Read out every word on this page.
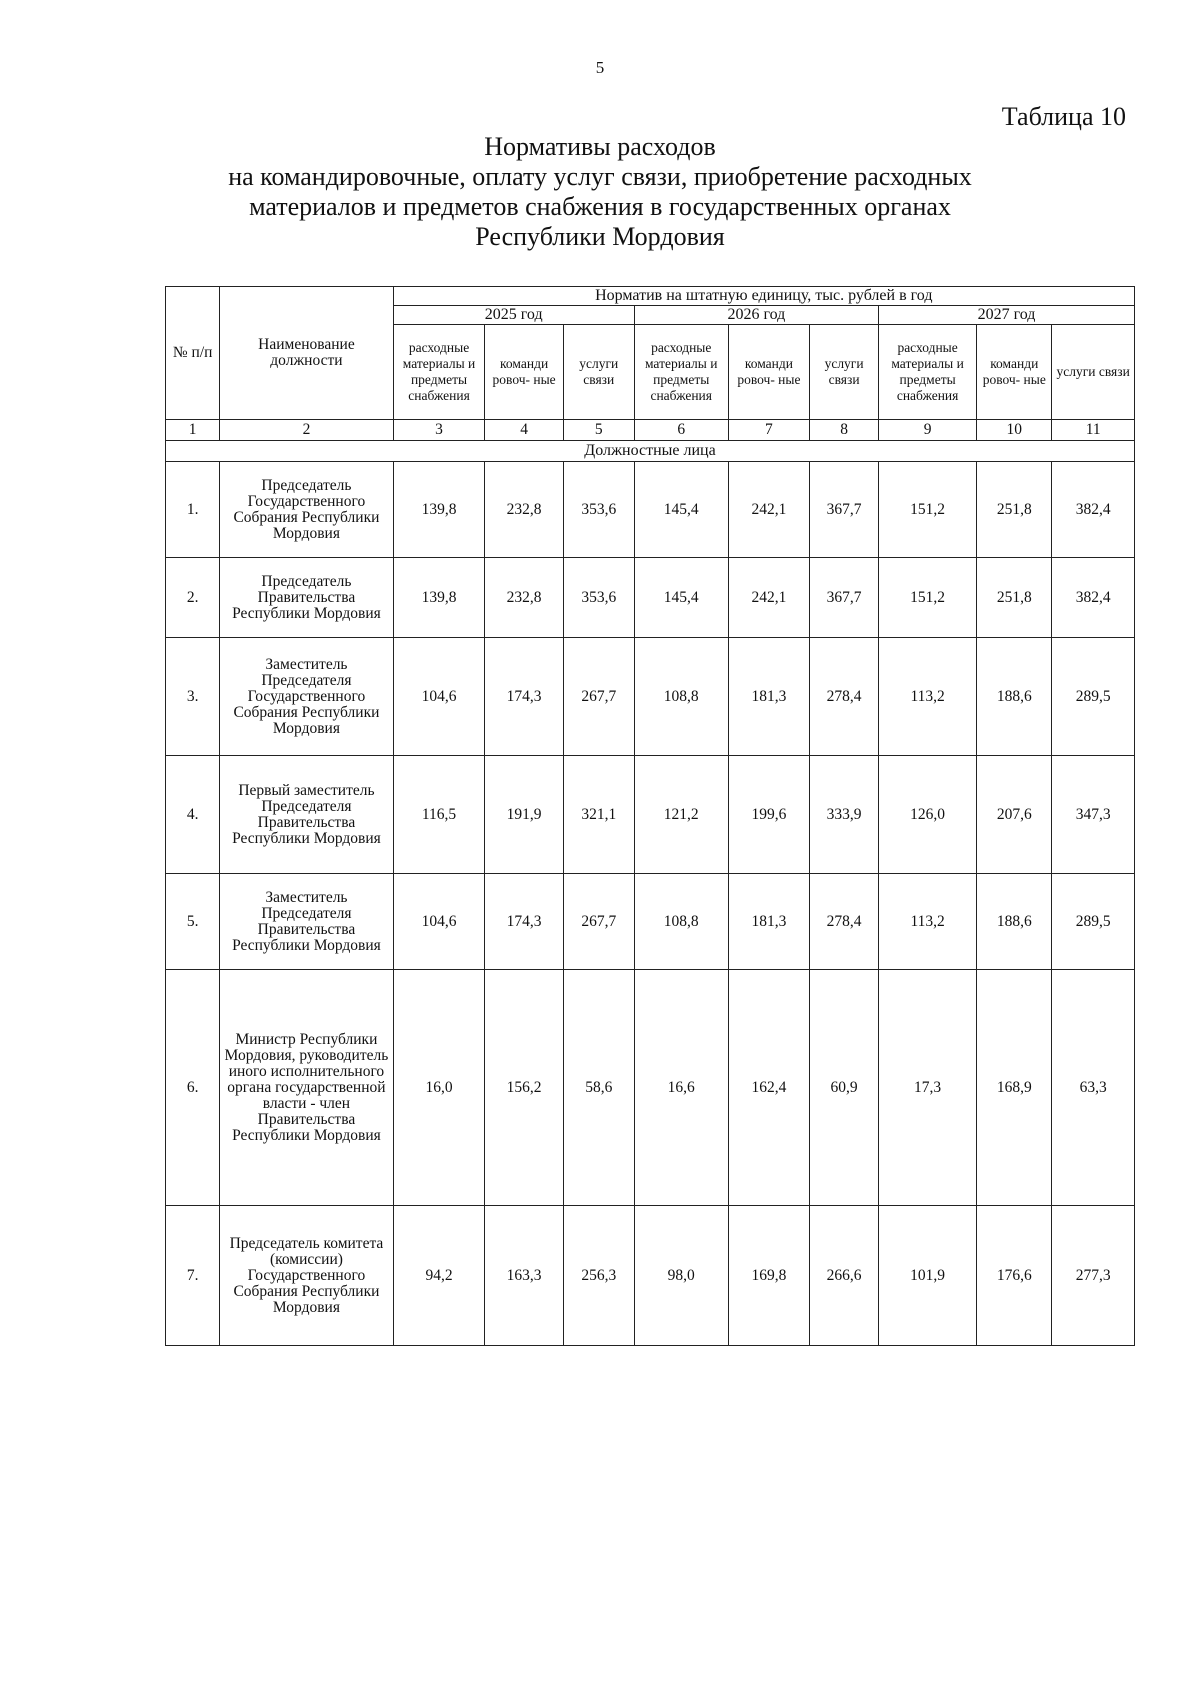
5
Таблица 10
Нормативы расходов
на командировочные, оплату услуг связи, приобретение расходных
материалов и предметов снабжения в государственных органах
Республики Мордовия
№ п/п	Наименование должности	Норматив на штатную единицу, тыс. рублей в год								
		2025 год			2026 год			2027 год		
		расходные материалы и предметы снабжения	команди ровоч- ные	услуги связи	расходные материалы и предметы снабжения	команди ровоч- ные	услуги связи	расходные материалы и предметы снабжения	команди ровоч- ные	услуги связи
1	2	3	4	5	6	7	8	9	10	11
Должностные лица										
1.	Председатель Государственного Собрания Республики Мордовия	139,8	232,8	353,6	145,4	242,1	367,7	151,2	251,8	382,4
2.	Председатель Правительства Республики Мордовия	139,8	232,8	353,6	145,4	242,1	367,7	151,2	251,8	382,4
3.	Заместитель Председателя Государственного Собрания Республики Мордовия	104,6	174,3	267,7	108,8	181,3	278,4	113,2	188,6	289,5
4.	Первый заместитель Председателя Правительства Республики Мордовия	116,5	191,9	321,1	121,2	199,6	333,9	126,0	207,6	347,3
5.	Заместитель Председателя Правительства Республики Мордовия	104,6	174,3	267,7	108,8	181,3	278,4	113,2	188,6	289,5
6.	Министр Республики Мордовия, руководитель иного исполнительного органа государственной власти - член Правительства Республики Мордовия	16,0	156,2	58,6	16,6	162,4	60,9	17,3	168,9	63,3
7.	Председатель комитета (комиссии) Государственного Собрания Республики Мордовия	94,2	163,3	256,3	98,0	169,8	266,6	101,9	176,6	277,3
